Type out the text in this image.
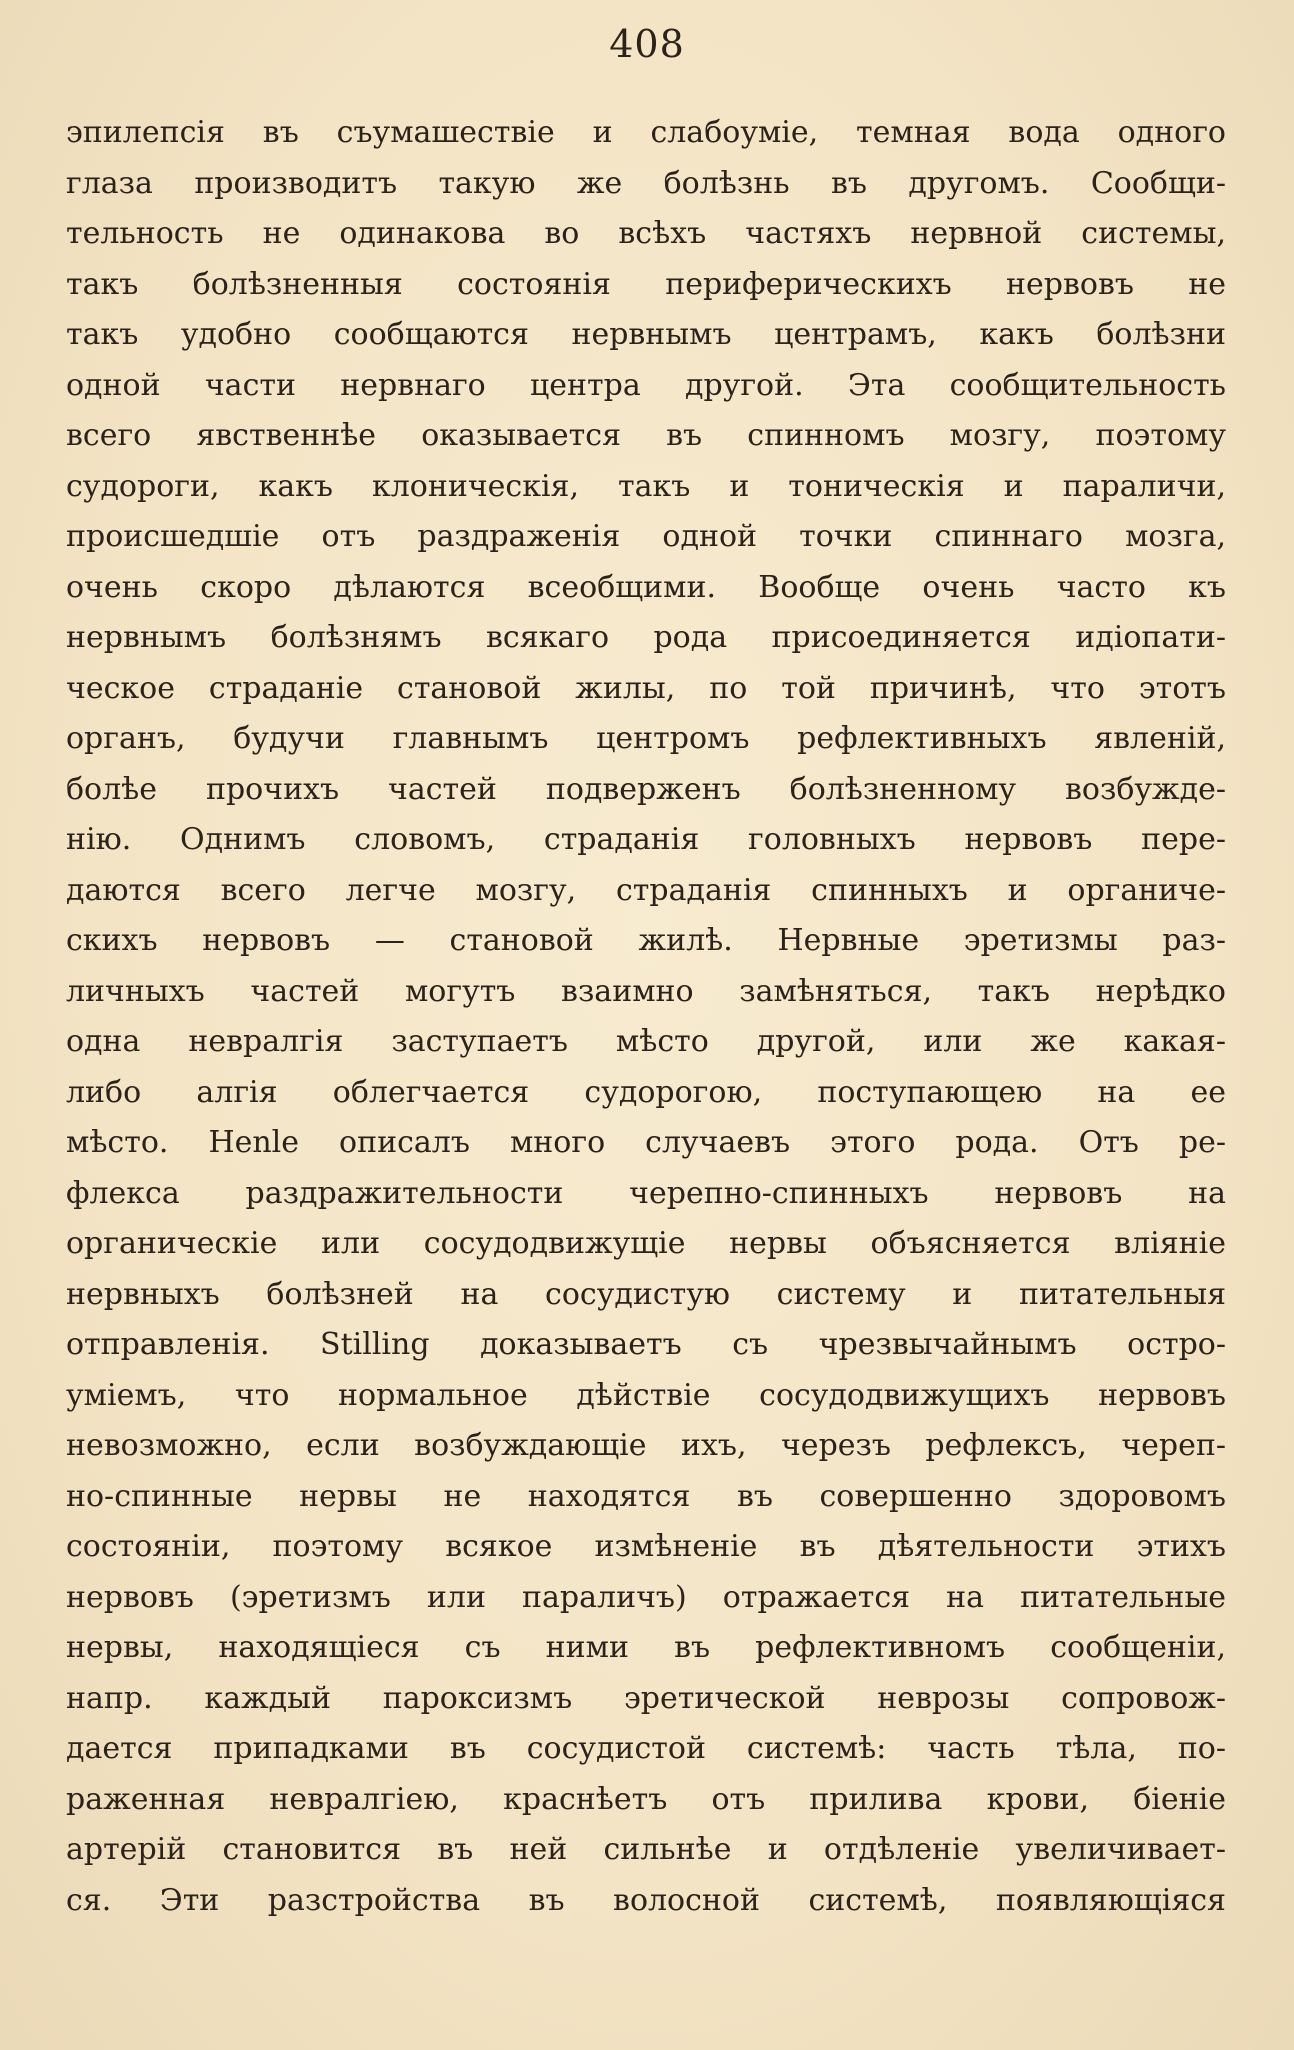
408
эпилепсія въ съумашествіе и слабоуміе, темная вода одного
глаза производитъ такую же болѣзнь въ другомъ. Сообщи-
тельность не одинакова во всѣхъ частяхъ нервной системы,
такъ болѣзненныя состоянія периферическихъ нервовъ не
такъ удобно сообщаются нервнымъ центрамъ, какъ болѣзни
одной части нервнаго центра другой. Эта сообщительность
всего явственнѣе оказывается въ спинномъ мозгу, поэтому
судороги, какъ клоническія, такъ и тоническія и параличи,
происшедшіе отъ раздраженія одной точки спиннаго мозга,
очень скоро дѣлаются всеобщими. Вообще очень часто къ
нервнымъ болѣзнямъ всякаго рода присоединяется идіопати-
ческое страданіе становой жилы, по той причинѣ, что этотъ
органъ, будучи главнымъ центромъ рефлективныхъ явленій,
болѣе прочихъ частей подверженъ болѣзненному возбужде-
нію. Однимъ словомъ, страданія головныхъ нервовъ пере-
даются всего легче мозгу, страданія спинныхъ и органиче-
скихъ нервовъ — становой жилѣ. Нервные эретизмы раз-
личныхъ частей могутъ взаимно замѣняться, такъ нерѣдко
одна невралгія заступаетъ мѣсто другой, или же какая-
либо алгія облегчается судорогою, поступающею на ее
мѣсто. Henle описалъ много случаевъ этого рода. Отъ ре-
флекса раздражительности черепно-спинныхъ нервовъ на
органическіе или сосудодвижущіе нервы объясняется вліяніе
нервныхъ болѣзней на сосудистую систему и питательныя
отправленія. Stilling доказываетъ съ чрезвычайнымъ остро-
уміемъ, что нормальное дѣйствіе сосудодвижущихъ нервовъ
невозможно, если возбуждающіе ихъ, черезъ рефлексъ, череп-
но-спинные нервы не находятся въ совершенно здоровомъ
состояніи, поэтому всякое измѣненіе въ дѣятельности этихъ
нервовъ (эретизмъ или параличъ) отражается на питательные
нервы, находящіеся съ ними въ рефлективномъ сообщеніи,
напр. каждый пароксизмъ эретической неврозы сопровож-
дается припадками въ сосудистой системѣ: часть тѣла, по-
раженная невралгіею, краснѣетъ отъ прилива крови, біеніе
артерій становится въ ней сильнѣе и отдѣленіе увеличивает-
ся. Эти разстройства въ волосной системѣ, появляющіяся
